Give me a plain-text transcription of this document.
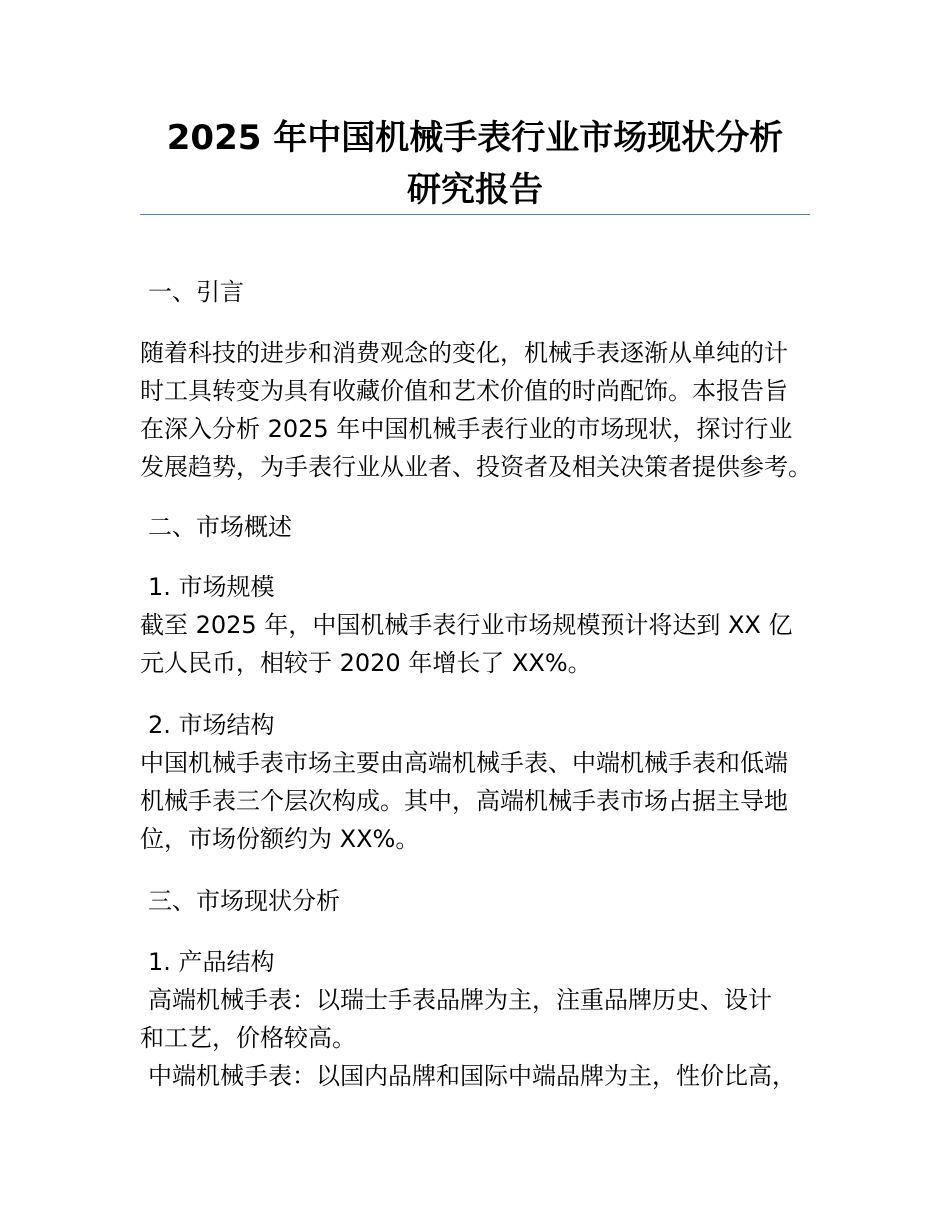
2025 年中国机械手表行业市场现状分析
研究报告

一、引言

随着科技的进步和消费观念的变化，机械手表逐渐从单纯的计
时工具转变为具有收藏价值和艺术价值的时尚配饰。本报告旨
在深入分析 2025 年中国机械手表行业的市场现状，探讨行业
发展趋势，为手表行业从业者、投资者及相关决策者提供参考。

二、市场概述

1. 市场规模

截至 2025 年，中国机械手表行业市场规模预计将达到 XX 亿
元人民币，相较于 2020 年增长了 XX%。

2. 市场结构

中国机械手表市场主要由高端机械手表、中端机械手表和低端
机械手表三个层次构成。其中，高端机械手表市场占据主导地
位，市场份额约为 XX%。

三、市场现状分析

1. 产品结构

高端机械手表：以瑞士手表品牌为主，注重品牌历史、设计
和工艺，价格较高。
中端机械手表：以国内品牌和国际中端品牌为主，性价比高，
